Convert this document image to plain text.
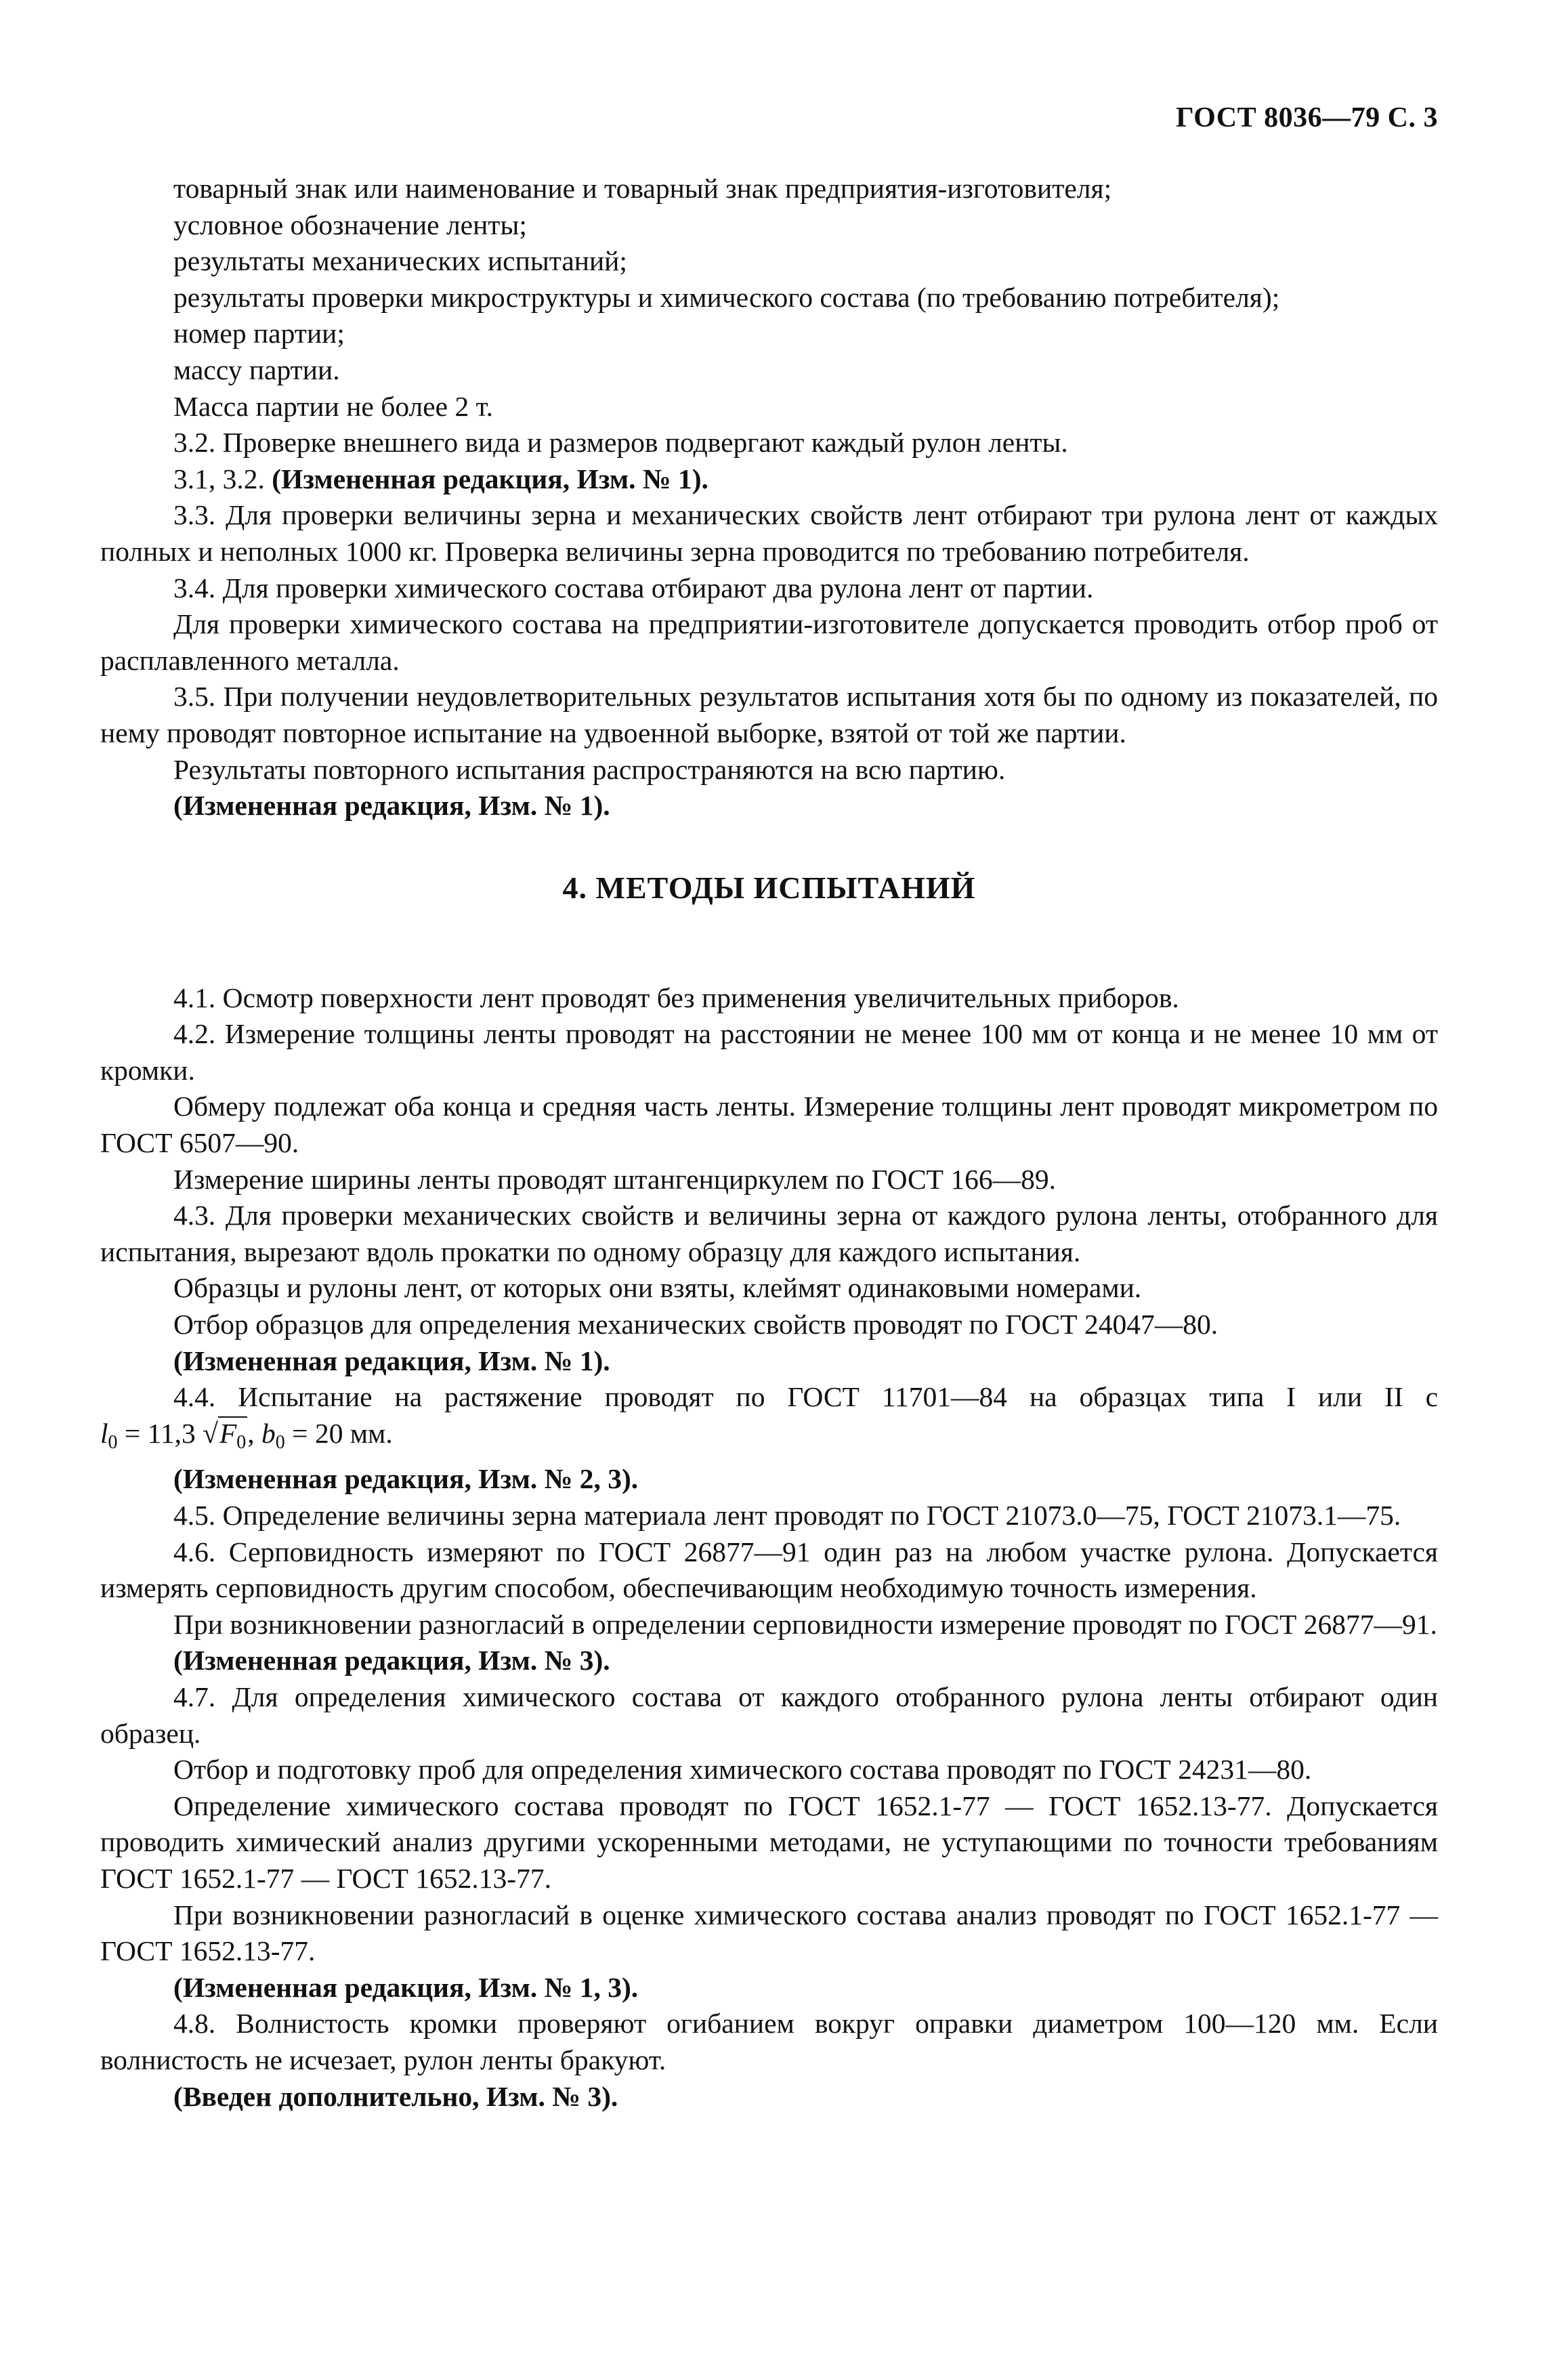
ГОСТ 8036—79 С. 3

товарный знак или наименование и товарный знак предприятия-изготовителя;

условное обозначение ленты;

результаты механических испытаний;

результаты проверки микроструктуры и химического состава (по требованию потребителя);

номер партии;

массу партии.

Масса партии не более 2 т.

3.2. Проверке внешнего вида и размеров подвергают каждый рулон ленты.

3.1, 3.2. (Измененная редакция, Изм. № 1).

3.3. Для проверки величины зерна и механических свойств лент отбирают три рулона лент от каждых полных и неполных 1000 кг. Проверка величины зерна проводится по требованию потребителя.

3.4. Для проверки химического состава отбирают два рулона лент от партии.

Для проверки химического состава на предприятии-изготовителе допускается проводить отбор проб от расплавленного металла.

3.5. При получении неудовлетворительных результатов испытания хотя бы по одному из показателей, по нему проводят повторное испытание на удвоенной выборке, взятой от той же партии.

Результаты повторного испытания распространяются на всю партию.

(Измененная редакция, Изм. № 1).

4. МЕТОДЫ ИСПЫТАНИЙ

4.1. Осмотр поверхности лент проводят без применения увеличительных приборов.

4.2. Измерение толщины ленты проводят на расстоянии не менее 100 мм от конца и не менее 10 мм от кромки.

Обмеру подлежат оба конца и средняя часть ленты. Измерение толщины лент проводят микрометром по ГОСТ 6507—90.

Измерение ширины ленты проводят штангенциркулем по ГОСТ 166—89.

4.3. Для проверки механических свойств и величины зерна от каждого рулона ленты, отобранного для испытания, вырезают вдоль прокатки по одному образцу для каждого испытания.

Образцы и рулоны лент, от которых они взяты, клеймят одинаковыми номерами.

Отбор образцов для определения механических свойств проводят по ГОСТ 24047—80.

(Измененная редакция, Изм. № 1).

4.4. Испытание на растяжение проводят по ГОСТ 11701—84 на образцах типа I или II с

$l_0 = 11,3$ $√F_0$, $b_0 = 20$ мм.

(Измененная редакция, Изм. № 2, 3).

4.5. Определение величины зерна материала лент проводят по ГОСТ 21073.0—75, ГОСТ 21073.1—75.

4.6. Серповидность измеряют по ГОСТ 26877—91 один раз на любом участке рулона. Допускается измерять серповидность другим способом, обеспечивающим необходимую точность измерения.

При возникновении разногласий в определении серповидности измерение проводят по ГОСТ 26877—91.

(Измененная редакция, Изм. № 3).

4.7. Для определения химического состава от каждого отобранного рулона ленты отбирают один образец.

Отбор и подготовку проб для определения химического состава проводят по ГОСТ 24231—80.

Определение химического состава проводят по ГОСТ 1652.1-77 — ГОСТ 1652.13-77. Допускается проводить химический анализ другими ускоренными методами, не уступающими по точности требованиям ГОСТ 1652.1-77 — ГОСТ 1652.13-77.

При возникновении разногласий в оценке химического состава анализ проводят по ГОСТ 1652.1-77 — ГОСТ 1652.13-77.

(Измененная редакция, Изм. № 1, 3).

4.8. Волнистость кромки проверяют огибанием вокруг оправки диаметром 100—120 мм. Если волнистость не исчезает, рулон ленты бракуют.

(Введен дополнительно, Изм. № 3).
